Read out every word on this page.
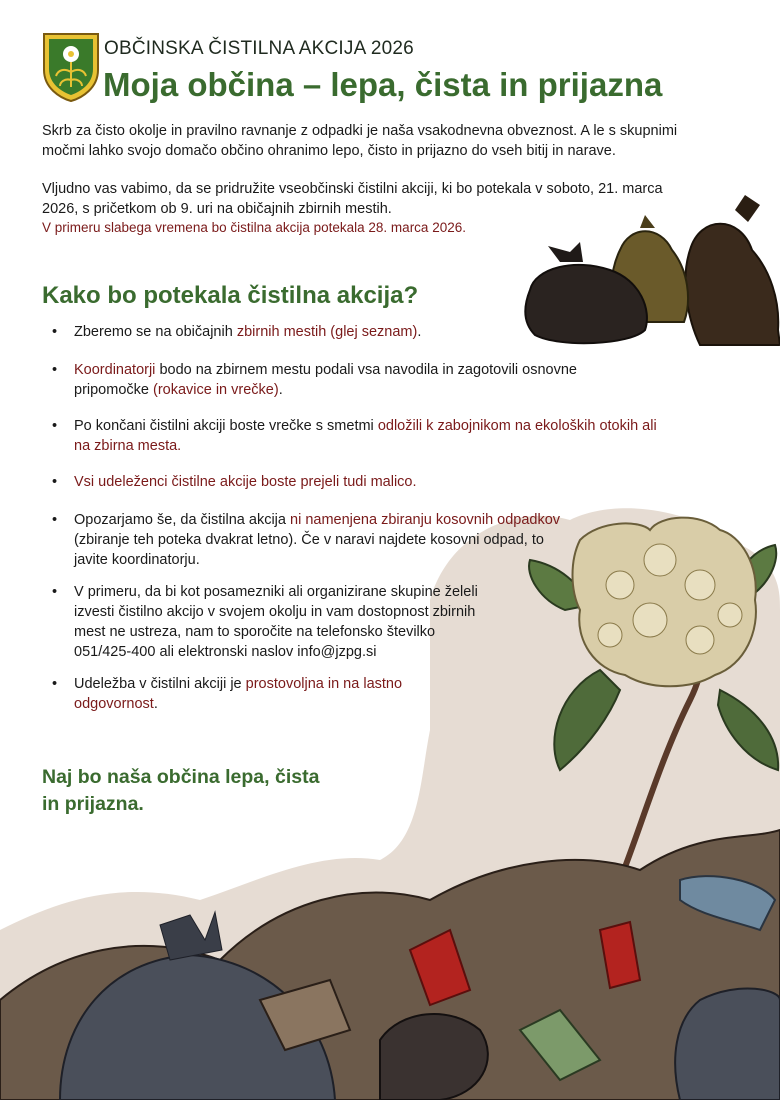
OBČINSKA ČISTILNA AKCIJA 2026
Moja občina – lepa, čista in prijazna
Skrb za čisto okolje in pravilno ravnanje z odpadki je naša vsakodnevna obveznost. A le s skupnimi
močmi lahko svojo domačo občino ohranimo lepo, čisto in prijazno do vseh bitij in narave.
Vljudno vas vabimo, da se pridružite vseobčinski čistilni akciji, ki bo potekala v soboto, 21. marca
2026, s pričetkom ob 9. uri na običajnih zbirnih mestih.
V primeru slabega vremena bo čistilna akcija potekala 28. marca 2026.
Kako bo potekala čistilna akcija?
• Zberemo se na običajnih zbirnih mestih (glej seznam).
• Koordinatorji bodo na zbirnem mestu podali vsa navodila in zagotovili osnovne
pripomočke (rokavice in vrečke).
• Po končani čistilni akciji boste vrečke s smetmi odložili k zabojnikom na ekoloških otokih ali
na zbirna mesta.
• Vsi udeleženci čistilne akcije boste prejeli tudi malico.
• Opozarjamo še, da čistilna akcija ni namenjena zbiranju kosovnih odpadkov
(zbiranje teh poteka dvakrat letno). Če v naravi najdete kosovni odpad, to
javite koordinatorju.
• V primeru, da bi kot posamezniki ali organizirane skupine želeli
izvesti čistilno akcijo v svojem okolju in vam dostopnost zbirnih
mest ne ustreza, nam to sporočite na telefonsko številko
051/425-400 ali elektronski naslov info@jzpg.si
• Udeležba v čistilni akciji je prostovoljna in na lastno
odgovornost.
Naj bo naša občina lepa, čista
in prijazna.
